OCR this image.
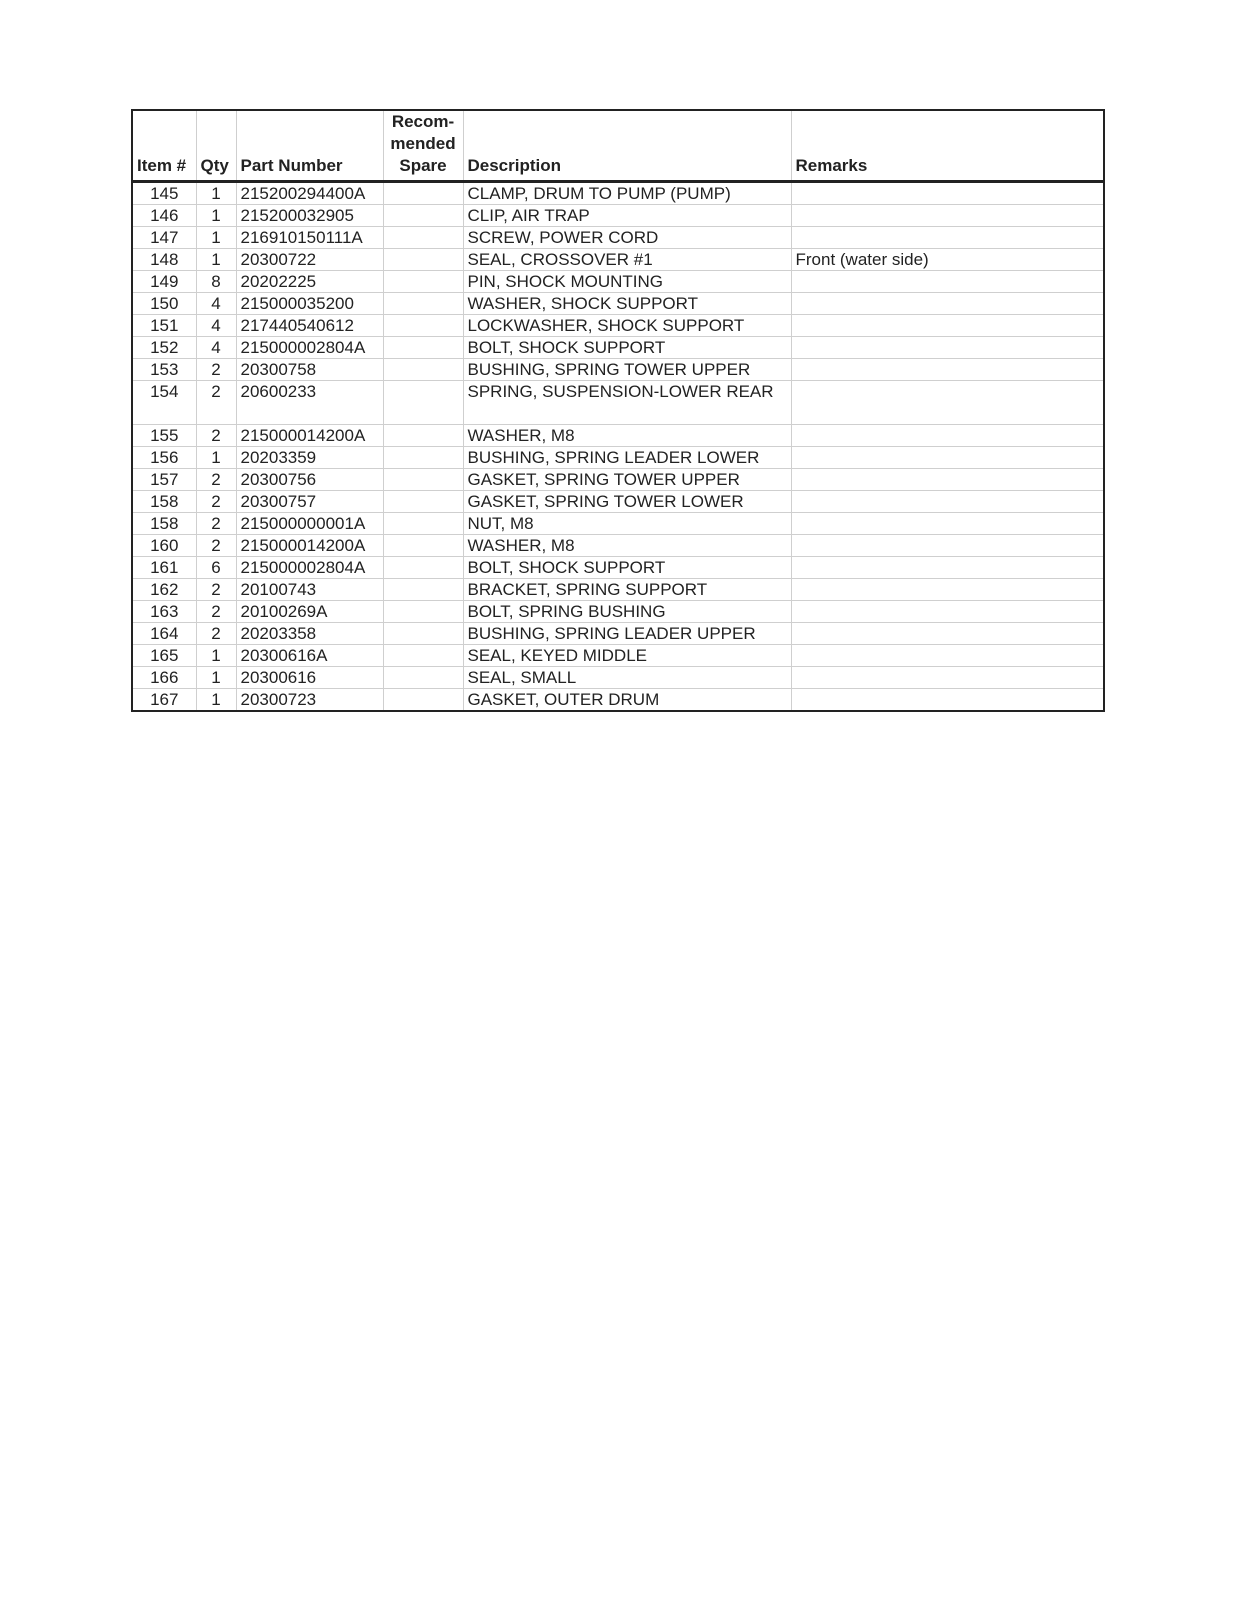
Item #	Qty	Part Number	Recom-
mended
Spare	Description	Remarks
145	1	215200294400A		CLAMP, DRUM TO PUMP (PUMP)	
146	1	215200032905		CLIP, AIR TRAP	
147	1	216910150111A		SCREW, POWER CORD	
148	1	20300722		SEAL, CROSSOVER #1	Front (water side)
149	8	20202225		PIN, SHOCK MOUNTING	
150	4	215000035200		WASHER, SHOCK SUPPORT	
151	4	217440540612		LOCKWASHER, SHOCK SUPPORT	
152	4	215000002804A		BOLT, SHOCK SUPPORT	
153	2	20300758		BUSHING, SPRING TOWER UPPER	
154	2	20600233		SPRING, SUSPENSION-LOWER REAR	
155	2	215000014200A		WASHER, M8	
156	1	20203359		BUSHING, SPRING LEADER LOWER	
157	2	20300756		GASKET, SPRING TOWER UPPER	
158	2	20300757		GASKET, SPRING TOWER LOWER	
158	2	215000000001A		NUT, M8	
160	2	215000014200A		WASHER, M8	
161	6	215000002804A		BOLT, SHOCK SUPPORT	
162	2	20100743		BRACKET, SPRING SUPPORT	
163	2	20100269A		BOLT, SPRING BUSHING	
164	2	20203358		BUSHING, SPRING LEADER UPPER	
165	1	20300616A		SEAL, KEYED MIDDLE	
166	1	20300616		SEAL, SMALL	
167	1	20300723		GASKET, OUTER DRUM	
